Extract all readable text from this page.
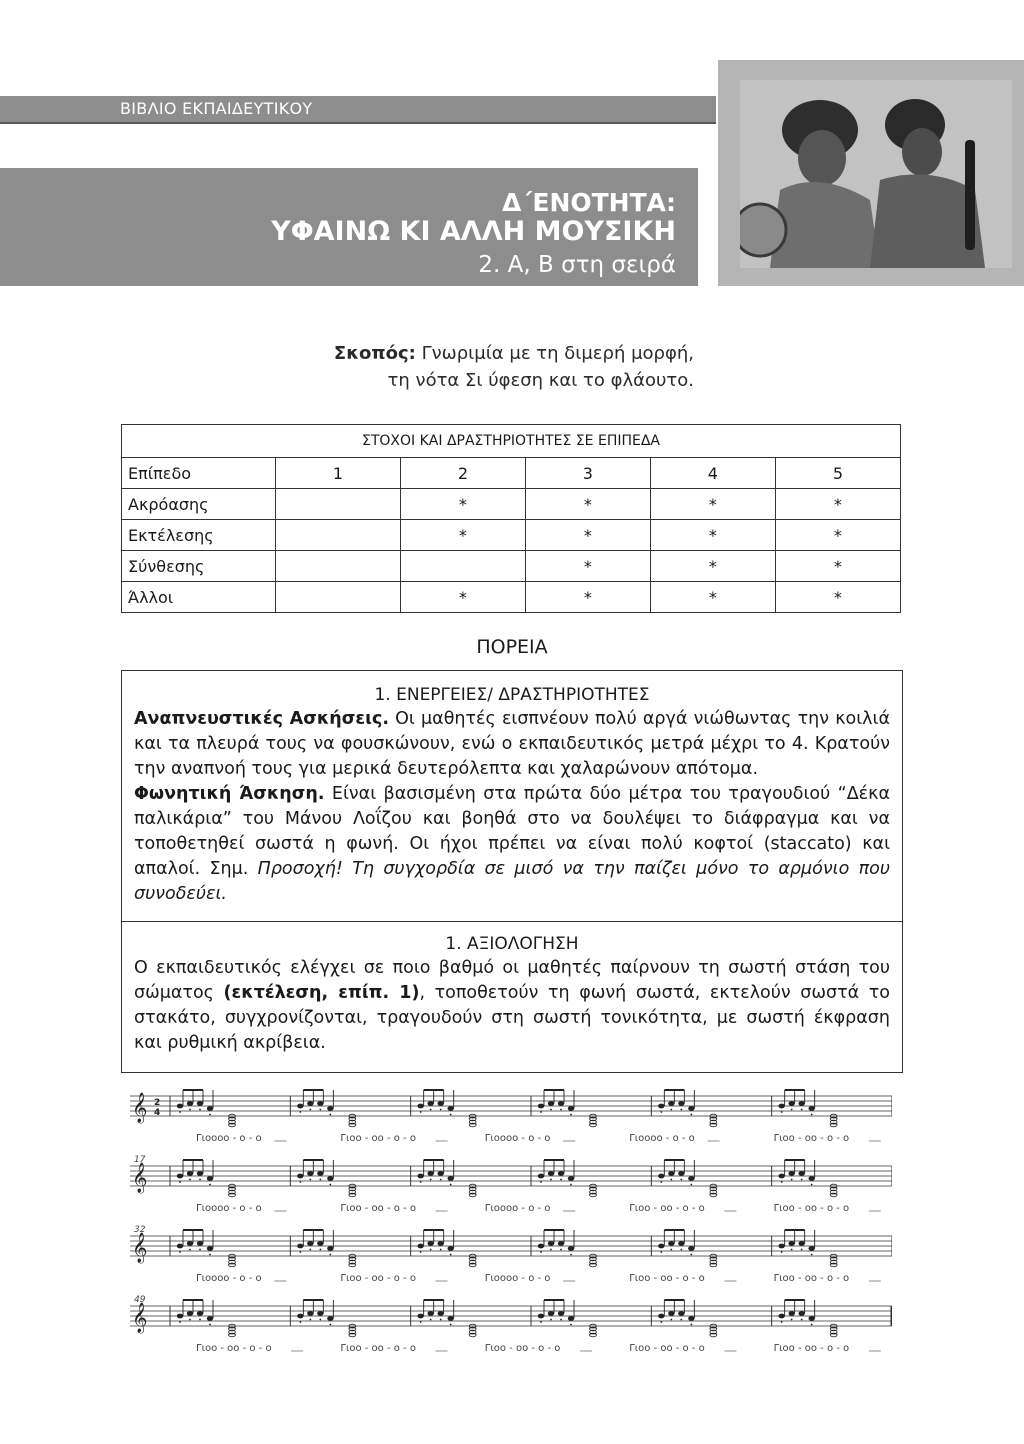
ΒΙΒΛΙΟ ΕΚΠΑΙΔΕΥΤΙΚΟΥ
Δ΄ΕΝΟΤΗΤΑ:
ΥΦΑΙΝΩ ΚΙ ΑΛΛΗ ΜΟΥΣΙΚΗ
2. Α, Β στη σειρά
Σκοπός: Γνωριμία με τη διμερή μορφή,
τη νότα Σι ύφεση και το φλάουτο.
ΣΤΟΧΟΙ ΚΑΙ ΔΡΑΣΤΗΡΙΟΤΗΤΕΣ ΣΕ ΕΠΙΠΕΔΑ					
Επίπεδο	1	2	3	4	5
Ακρόασης		*	*	*	*
Εκτέλεσης		*	*	*	*
Σύνθεσης			*	*	*
Άλλοι		*	*	*	*
ΠΟΡΕΙΑ
1. ΕΝΕΡΓΕΙΕΣ/ ΔΡΑΣΤΗΡΙΟΤΗΤΕΣ
Αναπνευστικές Ασκήσεις. Οι μαθητές εισπνέουν πολύ αργά νιώθωντας την κοιλιά και τα πλευρά τους να φουσκώνουν, ενώ ο εκπαιδευτικός μετρά μέχρι το 4. Κρατούν την αναπνοή τους για μερικά δευτερόλεπτα και χαλαρώνουν απότομα.
Φωνητική Άσκηση. Είναι βασισμένη στα πρώτα δύο μέτρα του τραγουδιού “Δέκα παλικάρια” του Μάνου Λοΐζου και βοηθά στο να δουλέψει το διάφραγμα και να τοποθετηθεί σωστά η φωνή. Οι ήχοι πρέπει να είναι πολύ κοφτοί (staccato) και απαλοί. Σημ. Προσοχή! Τη συγχορδία σε μισό να την παίζει μόνο το αρμόνιο που συνοδεύει.
1. ΑΞΙΟΛΟΓΗΣΗ
Ο εκπαιδευτικός ελέγχει σε ποιο βαθμό οι μαθητές παίρνουν τη σωστή στάση του σώματος (εκτέλεση, επίπ. 1), τοποθετούν τη φωνή σωστά, εκτελούν σωστά το στακάτο, συγχρονίζονται, τραγουδούν στη σωστή τονικότητα, με σωστή έκφραση και ρυθμική ακρίβεια.
𝄞 2
4
Γιοοοο - ο - ο	Γιοο - οο - ο - ο	Γιοοοο - ο - ο	Γιοοοο - ο - ο	Γιοο - οο - ο - ο
𝄞
17
Γιοοοο - ο - ο	Γιοο - οο - ο - ο	Γιοοοο - ο - ο	Γιοο - οο - ο - ο	Γιοο - οο - ο - ο
𝄞
32
Γιοοοο - ο - ο	Γιοο - οο - ο - ο	Γιοοοο - ο - ο	Γιοο - οο - ο - ο	Γιοο - οο - ο - ο
𝄞
49
Γιοο - οο - ο - ο	Γιοο - οο - ο - ο	Γιοο - οο - ο - ο	Γιοο - οο - ο - ο	Γιοο - οο - ο - ο
